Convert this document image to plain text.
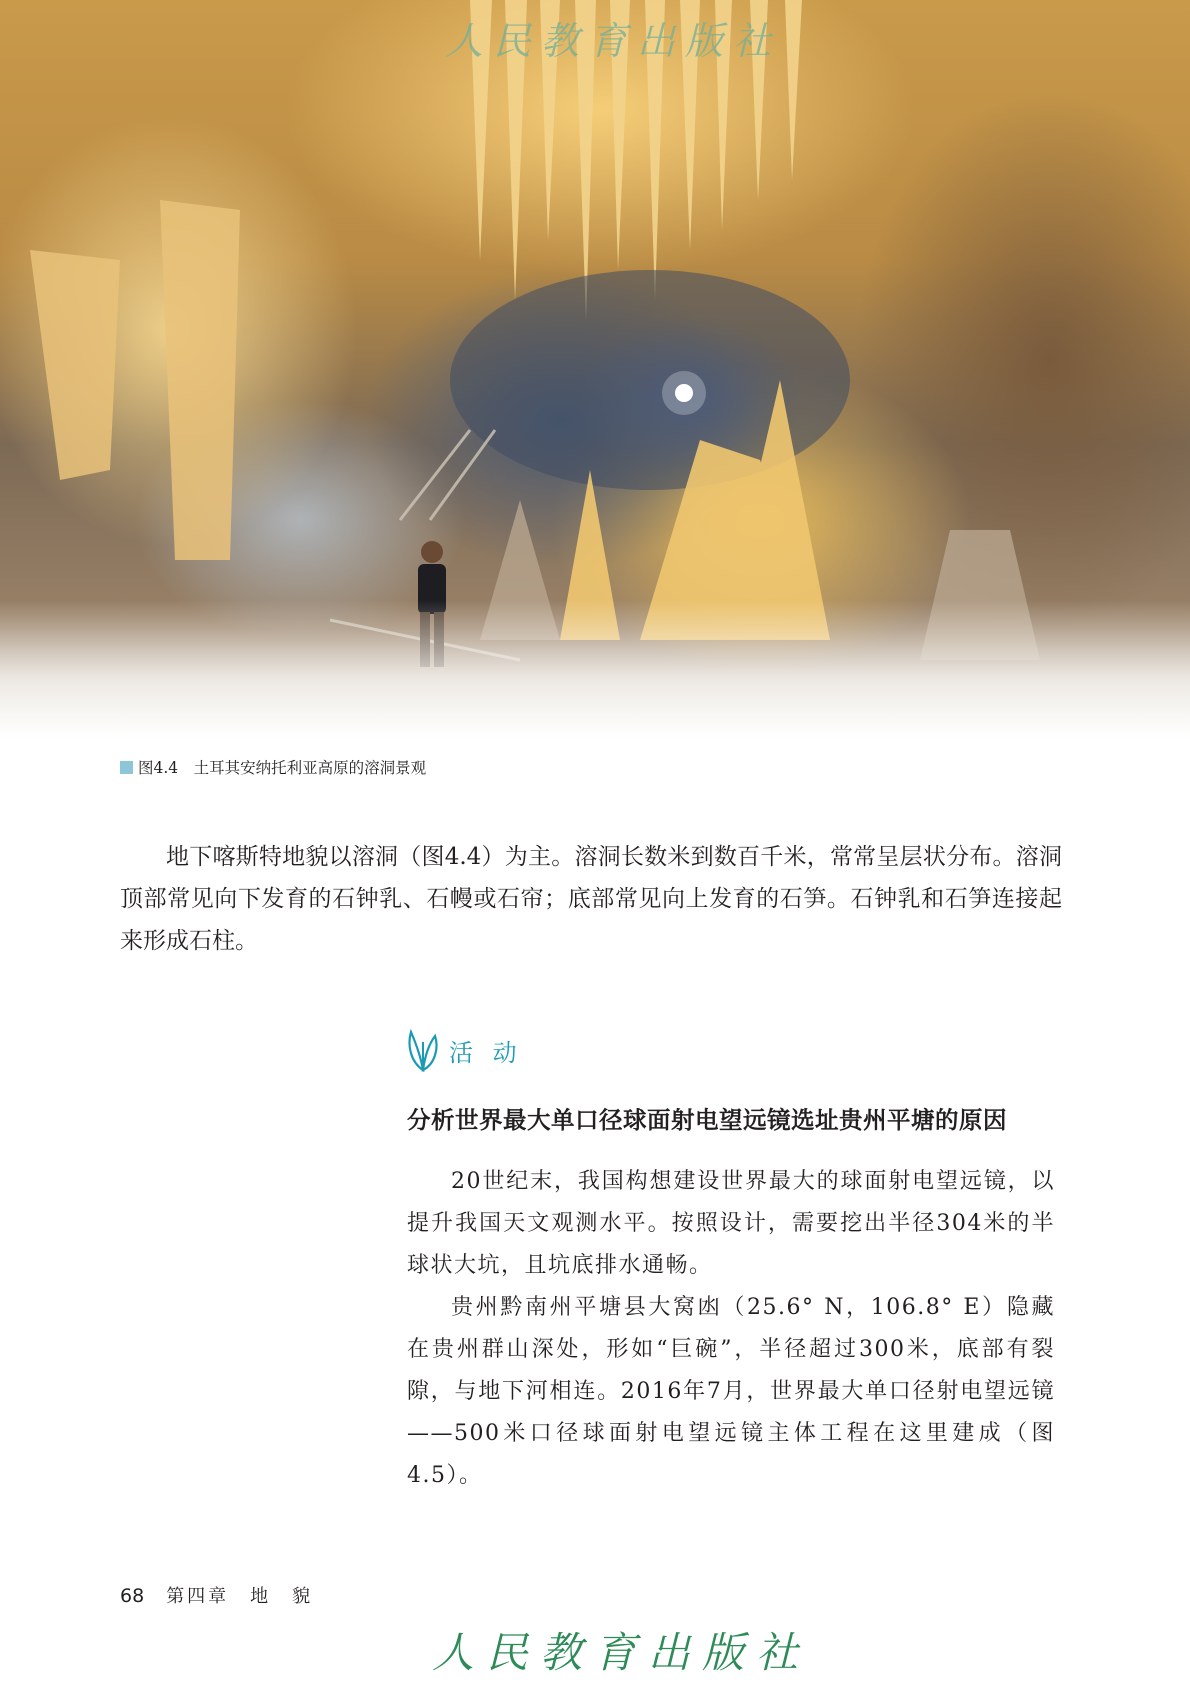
人民教育出版社
图4.4　土耳其安纳托利亚高原的溶洞景观

地下喀斯特地貌以溶洞（图4.4）为主。溶洞长数米到数百千米，常常呈层状分布。溶洞顶部常见向下发育的石钟乳、石幔或石帘；底部常见向上发育的石笋。石钟乳和石笋连接起来形成石柱。

活 动
分析世界最大单口径球面射电望远镜选址贵州平塘的原因

20世纪末，我国构想建设世界最大的球面射电望远镜，以提升我国天文观测水平。按照设计，需要挖出半径304米的半球状大坑，且坑底排水通畅。

贵州黔南州平塘县大窝凼（25.6° N，106.8° E）隐藏在贵州群山深处，形如“巨碗”，半径超过300米，底部有裂隙，与地下河相连。2016年7月，世界最大单口径射电望远镜——500米口径球面射电望远镜主体工程在这里建成（图4.5）。

68 第四章　地　貌
人民教育出版社
